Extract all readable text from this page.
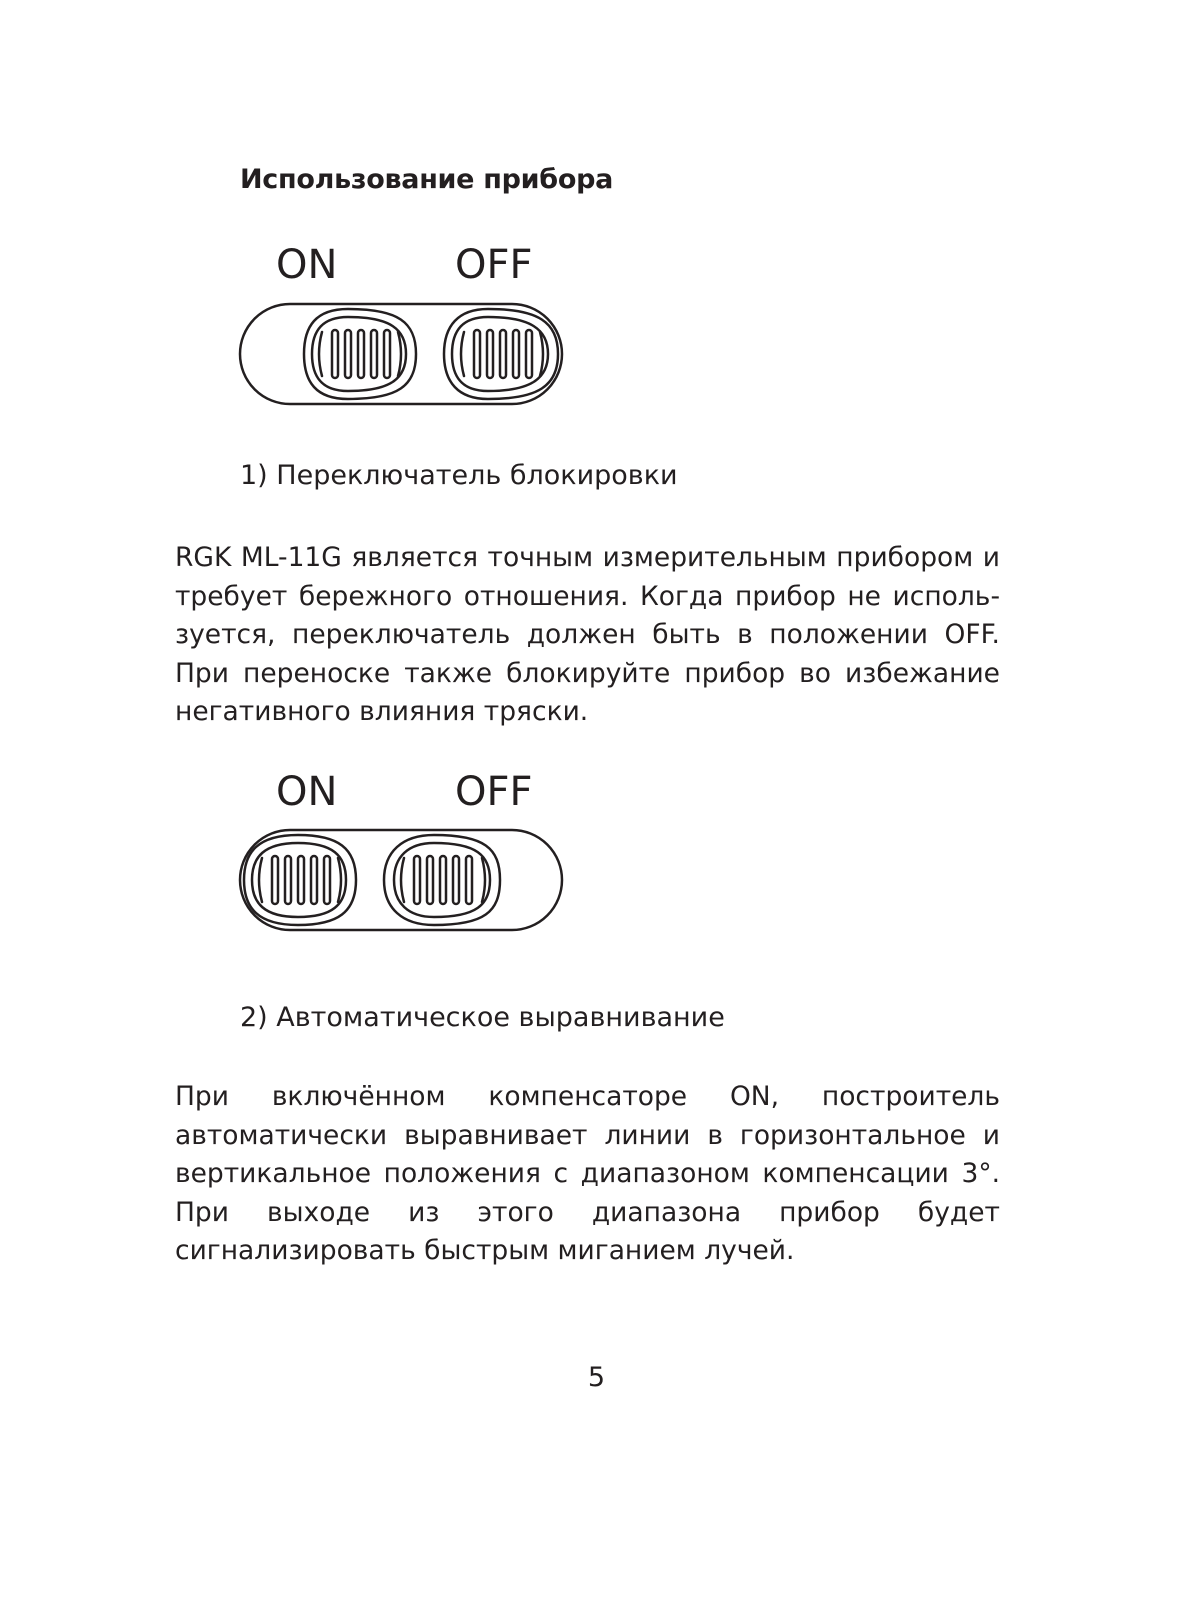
Использование прибора
ON	OFF
1) Переключатель блокировки

RGK ML-11G является точным измерительным прибором и требует бережного отношения. Когда прибор не используется, переключатель должен быть в положении OFF. При переноске также блокируйте прибор во избежание негативного влияния тряски.

ON	OFF
2) Автоматическое выравнивание

При включённом компенсаторе ON, построитель автоматически выравнивает линии в горизонтальное и вертикальное положения с диапазоном компенсации 3°. При выходе из этого диапазона прибор будет сигнализировать быстрым миганием лучей.

5
